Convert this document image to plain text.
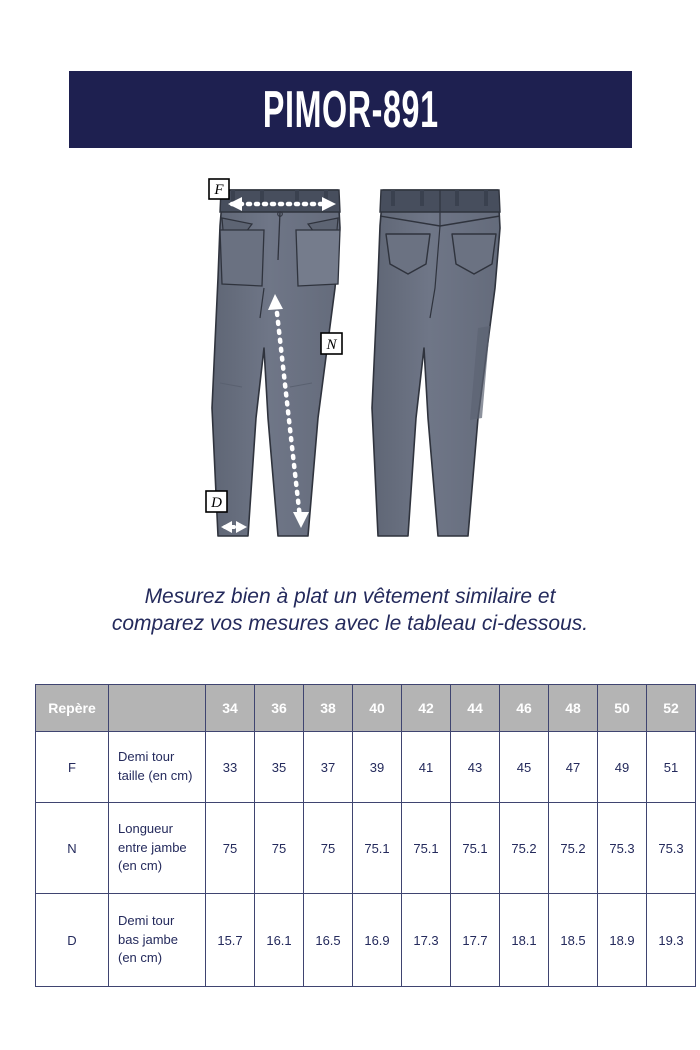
PIMOR-891
F
N
D
Mesurez bien à plat un vêtement similaire et
comparez vos mesures avec le tableau ci-dessous.
Repère		34	36	38	40	42	44	46	48	50	52
F	Demi tour taille (en cm)	33	35	37	39	41	43	45	47	49	51
N	Longueur entre jambe (en cm)	75	75	75	75.1	75.1	75.1	75.2	75.2	75.3	75.3
D	Demi tour bas jambe (en cm)	15.7	16.1	16.5	16.9	17.3	17.7	18.1	18.5	18.9	19.3
